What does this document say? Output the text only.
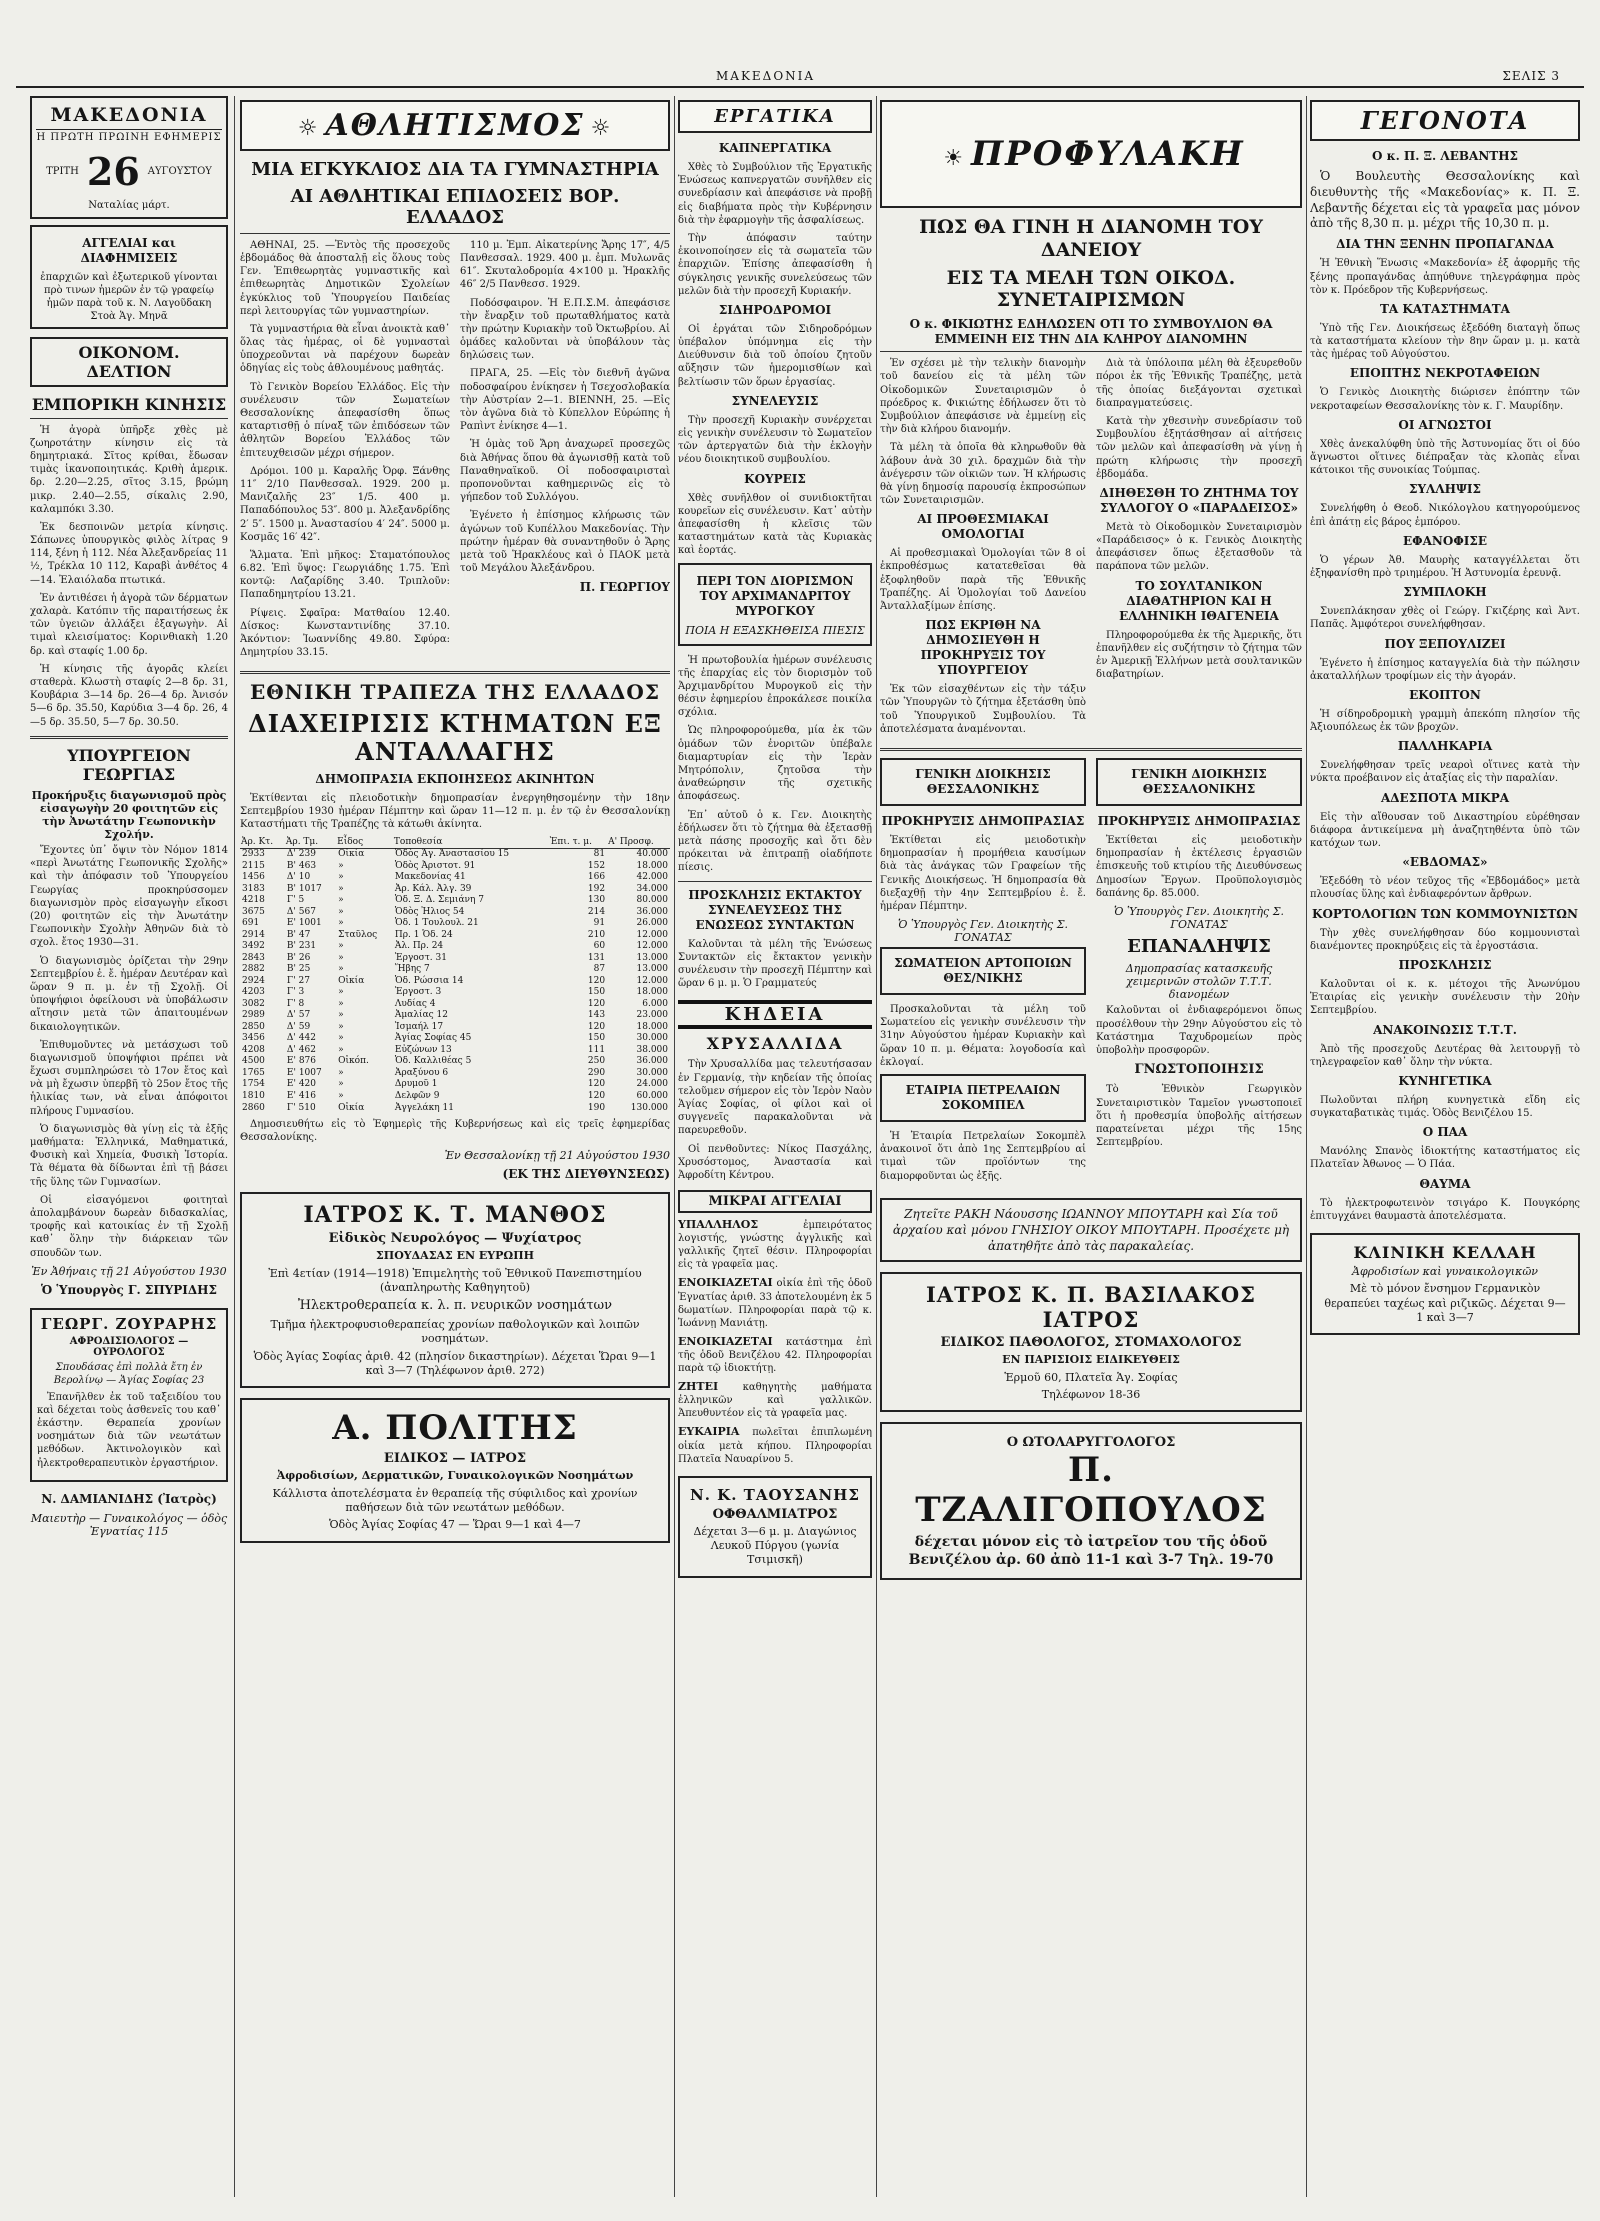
ΜΑΚΕΔΟΝΙΑ	ΣΕΛΙΣ 3
ΜΑΚΕΔΟΝΙΑ
Η ΠΡΩΤΗ ΠΡΩΙΝΗ ΕΦΗΜΕΡΙΣ
ΤΡΙΤΗ 26 ΑΥΓΟΥΣΤΟΥ
Ναταλίας μάρτ.
ΑΓΓΕΛΙΑΙ και ΔΙΑΦΗΜΙΣΕΙΣ
ἐπαρχιῶν καὶ ἐξωτερικοῦ γίνονται πρὸ τινων ἡμερῶν ἐν τῷ γραφείῳ ἡμῶν παρὰ τοῦ κ. Ν. Λαγοῦδακη Στοὰ Ἁγ. Μηνᾶ
ΟΙΚΟΝΟΜ. ΔΕΛΤΙΟΝ
ΕΜΠΟΡΙΚΗ ΚΙΝΗΣΙΣ

Ἡ ἀγορὰ ὑπῆρξε χθὲς μὲ ζωηροτάτην κίνησιν εἰς τὰ δημητριακά. Σῖτος κρίθαι, ἔδωσαν τιμὰς ἱκανοποιητικάς. Κριθὴ ἀμερικ. δρ. 2.20—2.25, σῖτος 3.15, βρώμη μικρ. 2.40—2.55, σίκαλις 2.90, καλαμπόκι 3.30.

Ἐκ δεσποινῶν μετρία κίνησις. Σάπωνες ὑπουργικὸς φιλὸς λίτρας 9 114, ξένη ἡ 112. Νέα Ἁλεξανδρείας 11 ½, Τρέκλα 10 112, Καραβὶ ἀνθέτος 4—14. Ἐλαιόλαδα πτωτικά.

Ἐν ἀντιθέσει ἡ ἀγορὰ τῶν δέρματων χαλαρὰ. Κατόπιν τῆς παραιτήσεως ἐκ τῶν ὑγειῶν ἀλλάξει ἐξαγωγὴν. Αἱ τιμαὶ κλεισίματος: Κορινθιακὴ 1.20 δρ. καὶ σταφίς 1.00 δρ.

Ἡ κίνησις τῆς ἀγορᾶς κλείει σταθερὰ. Κλωστὴ σταφίς 2—8 δρ. 31, Κουβάρια 3—14 δρ. 26—4 δρ. Ἀνισόν 5—6 δρ. 35.50, Καρύδια 3—4 δρ. 26, 4—5 δρ. 35.50, 5—7 δρ. 30.50.

ΥΠΟΥΡΓΕΙΟΝ ΓΕΩΡΓΙΑΣ
Προκήρυξις διαγωνισμοῦ πρὸς εἰσαγωγὴν 20 φοιτητῶν εἰς τὴν Ἀνωτάτην Γεωπονικὴν Σχολήν.

Ἔχοντες ὑπ᾽ ὄψιν τὸν Νόμον 1814 «περὶ Ἀνωτάτης Γεωπονικῆς Σχολῆς» καὶ τὴν ἀπόφασιν τοῦ Ὑπουργείου Γεωργίας προκηρύσσομεν διαγωνισμὸν πρὸς εἰσαγωγὴν εἴκοσι (20) φοιτητῶν εἰς τὴν Ἀνωτάτην Γεωπονικὴν Σχολὴν Ἀθηνῶν διὰ τὸ σχολ. ἔτος 1930—31.

Ὁ διαγωνισμὸς ὁρίζεται τὴν 29ην Σεπτεμβρίου ἐ. ἔ. ἡμέραν Δευτέραν καὶ ὥραν 9 π. μ. ἐν τῇ Σχολῇ. Οἱ ὑποψήφιοι ὀφείλουσι νὰ ὑποβάλωσιν αἴτησιν μετὰ τῶν ἀπαιτουμένων δικαιολογητικῶν.

Ἐπιθυμοῦντες νὰ μετάσχωσι τοῦ διαγωνισμοῦ ὑποψήφιοι πρέπει νὰ ἔχωσι συμπληρώσει τὸ 17ον ἔτος καὶ νὰ μὴ ἔχωσιν ὑπερβῆ τὸ 25ον ἔτος τῆς ἡλικίας των, νὰ εἶναι ἀπόφοιτοι πλήρους Γυμνασίου.

Ὁ διαγωνισμὸς θὰ γίνῃ εἰς τὰ ἑξῆς μαθήματα: Ἑλληνικά, Μαθηματικά, Φυσικὴ καὶ Χημεία, Φυσικὴ Ἱστορία. Τὰ θέματα θὰ δίδωνται ἐπὶ τῇ βάσει τῆς ὕλης τῶν Γυμνασίων.

Οἱ εἰσαγόμενοι φοιτηταὶ ἀπολαμβάνουν δωρεὰν διδασκαλίας, τροφῆς καὶ κατοικίας ἐν τῇ Σχολῇ καθ᾽ ὅλην τὴν διάρκειαν τῶν σπουδῶν των.

Ἐν Ἀθήναις τῇ 21 Αὐγούστου 1930
Ὁ Ὑπουργὸς Γ. ΣΠΥΡΙΔΗΣ
ΓΕΩΡΓ. ΖΟΥΡΑΡΗΣ
ΑΦΡΟΔΙΣΙΟΛΟΓΟΣ — ΟΥΡΟΛΟΓΟΣ
Σπουδάσας ἐπὶ πολλὰ ἔτη ἐν Βερολίνῳ — Ἁγίας Σοφίας 23

Ἐπανῆλθεν ἐκ τοῦ ταξειδίου του καὶ δέχεται τοὺς ἀσθενεῖς του καθ᾽ ἑκάστην. Θεραπεία χρονίων νοσημάτων διὰ τῶν νεωτάτων μεθόδων. Ἀκτινολογικὸν καὶ ἠλεκτροθεραπευτικὸν ἐργαστήριον.

Ν. ΔΑΜΙΑΝΙΔΗΣ (Ἰατρὸς)
Μαιευτὴρ — Γυναικολόγος — ὁδὸς Ἐγνατίας 115
☼ ΑΘΛΗΤΙΣΜΟΣ ☼
ΜΙΑ ΕΓΚΥΚΛΙΟΣ ΔΙΑ ΤΑ ΓΥΜΝΑΣΤΗΡΙΑ
ΑΙ ΑΘΛΗΤΙΚΑΙ ΕΠΙΔΟΣΕΙΣ ΒΟΡ. ΕΛΛΑΔΟΣ

ΑΘΗΝΑΙ, 25. —Ἐντὸς τῆς προσεχοῦς ἑβδομάδος θὰ ἀποσταλῇ εἰς ὅλους τοὺς Γεν. Ἐπιθεωρητὰς γυμναστικῆς καὶ ἐπιθεωρητὰς Δημοτικῶν Σχολείων ἐγκύκλιος τοῦ Ὑπουργείου Παιδείας περὶ λειτουργίας τῶν γυμναστηρίων.

Τὰ γυμναστήρια θὰ εἶναι ἀνοικτὰ καθ᾽ ὅλας τὰς ἡμέρας, οἱ δὲ γυμνασταὶ ὑποχρεοῦνται νὰ παρέχουν δωρεὰν ὁδηγίας εἰς τοὺς ἀθλουμένους μαθητάς.

Τὸ Γενικὸν Βορείου Ἑλλάδος. Εἰς τὴν συνέλευσιν τῶν Σωματείων Θεσσαλονίκης ἀπεφασίσθη ὅπως καταρτισθῇ ὁ πίναξ τῶν ἐπιδόσεων τῶν ἀθλητῶν Βορείου Ἑλλάδος τῶν ἐπιτευχθεισῶν μέχρι σήμερον.

Δρόμοι. 100 μ. Καραλῆς Ὀρφ. Ξάνθης 11″ 2/10 Πανθεσσαλ. 1929. 200 μ. Μανιζαλῆς 23″ 1/5. 400 μ. Παπαδόπουλος 53″. 800 μ. Ἀλεξανδρίδης 2′ 5″. 1500 μ. Ἀναστασίου 4′ 24″. 5000 μ. Κοσμᾶς 16′ 42″.

Ἅλματα. Ἐπὶ μῆκος: Σταματόπουλος 6.82. Ἐπὶ ὕψος: Γεωργιάδης 1.75. Ἐπὶ κοντῷ: Λαζαρίδης 3.40. Τριπλοῦν: Παπαδημητρίου 13.21.

Ρίψεις. Σφαῖρα: Ματθαίου 12.40. Δίσκος: Κωνσταντινίδης 37.10. Ἀκόντιον: Ἰωαννίδης 49.80. Σφύρα: Δημητρίου 33.15.

110 μ. Ἐμπ. Αἰκατερίνης Ἄρης 17″, 4/5 Πανθεσσαλ. 1929. 400 μ. ἐμπ. Μυλωνᾶς 61″. Σκυταλοδρομία 4×100 μ. Ἡρακλῆς 46″ 2/5 Πανθεσσ. 1929.

Ποδόσφαιρον. Ἡ Ε.Π.Σ.Μ. ἀπεφάσισε τὴν ἔναρξιν τοῦ πρωταθλήματος κατὰ τὴν πρώτην Κυριακὴν τοῦ Ὀκτωβρίου. Αἱ ὁμάδες καλοῦνται νὰ ὑποβάλουν τὰς δηλώσεις των.

ΠΡΑΓΑ, 25. —Εἰς τὸν διεθνῆ ἀγῶνα ποδοσφαίρου ἐνίκησεν ἡ Τσεχοσλοβακία τὴν Αὐστρίαν 2—1. ΒΙΕΝΝΗ, 25. —Εἰς τὸν ἀγῶνα διὰ τὸ Κύπελλον Εὐρώπης ἡ Ραπὶντ ἐνίκησε 4—1.

Ἡ ὁμὰς τοῦ Ἄρη ἀναχωρεῖ προσεχῶς διὰ Ἀθήνας ὅπου θὰ ἀγωνισθῇ κατὰ τοῦ Παναθηναϊκοῦ. Οἱ ποδοσφαιρισταὶ προπονοῦνται καθημερινῶς εἰς τὸ γήπεδον τοῦ Συλλόγου.

Ἐγένετο ἡ ἐπίσημος κλήρωσις τῶν ἀγώνων τοῦ Κυπέλλου Μακεδονίας. Τὴν πρώτην ἡμέραν θὰ συναντηθοῦν ὁ Ἄρης μετὰ τοῦ Ἡρακλέους καὶ ὁ ΠΑΟΚ μετὰ τοῦ Μεγάλου Ἀλεξάνδρου.

Π. ΓΕΩΡΓΙΟΥ
ΕΘΝΙΚΗ ΤΡΑΠΕΖΑ ΤΗΣ ΕΛΛΑΔΟΣ
ΔΙΑΧΕΙΡΙΣΙΣ ΚΤΗΜΑΤΩΝ ΕΞ ΑΝΤΑΛΛΑΓΗΣ
ΔΗΜΟΠΡΑΣΙΑ ΕΚΠΟΙΗΣΕΩΣ ΑΚΙΝΗΤΩΝ

Ἐκτίθενται εἰς πλειοδοτικὴν δημοπρασίαν ἐνεργηθησομένην τὴν 18ην Σεπτεμβρίου 1930 ἡμέραν Πέμπτην καὶ ὥραν 11—12 π. μ. ἐν τῷ ἐν Θεσσαλονίκῃ Καταστήματι τῆς Τραπέζης τὰ κάτωθι ἀκίνητα.

Ἀρ. Κτ.	Ἀρ. Τμ.	Εἶδος	Τοποθεσία	Ἐπι. τ. μ.	Α' Προσφ.
2933	Δ' 239	Οἰκία	Ὁδὸς Ἁγ. Ἀναστασίου 15	81	40.000
2115	Β' 463	»	Ὁδὸς Ἀριστοτ. 91	152	18.000
1456	Δ' 10	»	Μακεδονίας 41	166	42.000
3183	Β' 1017	»	Ἀρ. Κάλ. Ἀλγ. 39	192	34.000
4218	Γ' 5	»	Ὁδ. Ξ. Δ. Σεμιάνη 7	130	80.000
3675	Δ' 567	»	Ὁδὸς Ἠλιος 54	214	36.000
691	Ε' 1001	»	Ὁδ. 1 Τουλουλ. 21	91	26.000
2914	Β' 47	Σταῦλος	Πρ. 1 Ὁδ. 24	210	12.000
3492	Β' 231	»	Ἀλ. Πρ. 24	60	12.000
2843	Β' 26	»	Ἐργοστ. 31	131	13.000
2882	Β' 25	»	Ἥβης 7	87	13.000
2924	Γ' 27	Οἰκία	Ὁδ. Ρώσσια 14	120	12.000
4203	Γ' 3	»	Ἐργοστ. 3	150	18.000
3082	Γ' 8	»	Λυδίας 4	120	6.000
2989	Δ' 57	»	Ἀμαλίας 12	143	23.000
2850	Δ' 59	»	Ἰσμαήλ 17	120	18.000
3456	Δ' 442	»	Ἀγίας Σοφίας 45	150	30.000
4208	Δ' 462	»	Εὐζώνων 13	111	38.000
4500	Ε' 876	Οἰκόπ.	Ὁδ. Καλλιθέας 5	250	36.000
1765	Ε' 1007	»	Ἀραξύνου 6	290	30.000
1754	Ε' 420	»	Δρυμοῦ 1	120	24.000
1810	Ε' 416	»	Δελφῶν 9	120	60.000
2860	Γ' 510	Οἰκία	Ἀγγελάκη 11	190	130.000

Δημοσιευθήτω εἰς τὸ Ἐφημερὶς τῆς Κυβερνήσεως καὶ εἰς τρεῖς ἐφημερίδας Θεσσαλονίκης.

Ἐν Θεσσαλονίκῃ τῇ 21 Αὐγούστου 1930
(ΕΚ ΤΗΣ ΔΙΕΥΘΥΝΣΕΩΣ)
ΙΑΤΡΟΣ Κ. Τ. ΜΑΝΘΟΣ
Εἰδικὸς Νευρολόγος — Ψυχίατρος
ΣΠΟΥΔΑΣΑΣ ΕΝ ΕΥΡΩΠΗ
Ἐπὶ 4ετίαν (1914—1918) Ἐπιμελητὴς τοῦ Ἐθνικοῦ Πανεπιστημίου (ἀναπληρωτὴς Καθηγητοῦ)
Ἠλεκτροθεραπεία κ. λ. π. νευρικῶν νοσημάτων
Τμῆμα ἠλεκτροφυσιοθεραπείας χρονίων παθολογικῶν καὶ λοιπῶν νοσημάτων.
Ὁδὸς Ἁγίας Σοφίας ἀριθ. 42 (πλησίον δικαστηρίων). Δέχεται Ὥραι 9—1 καὶ 3—7 (Τηλέφωνον ἀριθ. 272)
Α. ΠΟΛΙΤΗΣ
ΕΙΔΙΚΟΣ — ΙΑΤΡΟΣ
Ἀφροδισίων, Δερματικῶν, Γυναικολογικῶν Νοσημάτων
Κάλλιστα ἀποτελέσματα ἐν θεραπείᾳ τῆς σύφιλιδος καὶ χρονίων παθήσεων διὰ τῶν νεωτάτων μεθόδων.
Ὁδὸς Ἁγίας Σοφίας 47 — Ὥραι 9—1 καὶ 4—7
ΕΡΓΑΤΙΚΑ
ΚΑΠΝΕΡΓΑΤΙΚΑ

Χθὲς τὸ Συμβούλιον τῆς Ἐργατικῆς Ἑνώσεως καπνεργατῶν συνῆλθεν εἰς συνεδρίασιν καὶ ἀπεφάσισε νὰ προβῇ εἰς διαβήματα πρὸς τὴν Κυβέρνησιν διὰ τὴν ἐφαρμογὴν τῆς ἀσφαλίσεως.

Τὴν ἀπόφασιν ταύτην ἐκοινοποίησεν εἰς τὰ σωματεῖα τῶν ἐπαρχιῶν. Ἐπίσης ἀπεφασίσθη ἡ σύγκλησις γενικῆς συνελεύσεως τῶν μελῶν διὰ τὴν προσεχῆ Κυριακήν.

ΣΙΔΗΡΟΔΡΟΜΟΙ

Οἱ ἐργάται τῶν Σιδηροδρόμων ὑπέβαλον ὑπόμνημα εἰς τὴν Διεύθυνσιν διὰ τοῦ ὁποίου ζητοῦν αὔξησιν τῶν ἡμερομισθίων καὶ βελτίωσιν τῶν ὅρων ἐργασίας.

ΣΥΝΕΛΕΥΣΙΣ

Τὴν προσεχῆ Κυριακὴν συνέρχεται εἰς γενικὴν συνέλευσιν τὸ Σωματεῖον τῶν ἀρτεργατῶν διὰ τὴν ἐκλογὴν νέου διοικητικοῦ συμβουλίου.

ΚΟΥΡΕΙΣ

Χθὲς συνῆλθον οἱ συνιδιοκτῆται κουρεῖων εἰς συνέλευσιν. Κατ᾽ αὐτὴν ἀπεφασίσθη ἡ κλεῖσις τῶν καταστημάτων κατὰ τὰς Κυριακὰς καὶ ἑορτάς.

ΠΕΡΙ ΤΟΝ ΔΙΟΡΙΣΜΟΝ ΤΟΥ ΑΡΧΙΜΑΝΔΡΙΤΟΥ ΜΥΡΟΓΚΟΥ
ΠΟΙΑ Η ΕΞΑΣΚΗΘΕΙΣΑ ΠΙΕΣΙΣ

Ἡ πρωτοβουλία ἡμέρων συνέλευσις τῆς ἐπαρχίας εἰς τὸν διορισμὸν τοῦ Ἀρχιμανδρίτου Μυρογκοῦ εἰς τὴν θέσιν ἐφημερίου ἐπροκάλεσε ποικίλα σχόλια.

Ὡς πληροφορούμεθα, μία ἐκ τῶν ὁμάδων τῶν ἐνοριτῶν ὑπέβαλε διαμαρτυρίαν εἰς τὴν Ἱερὰν Μητρόπολιν, ζητοῦσα τὴν ἀναθεώρησιν τῆς σχετικῆς ἀποφάσεως.

Ἐπ᾽ αὐτοῦ ὁ κ. Γεν. Διοικητὴς ἐδήλωσεν ὅτι τὸ ζήτημα θὰ ἐξετασθῇ μετὰ πάσης προσοχῆς καὶ ὅτι δὲν πρόκειται νὰ ἐπιτραπῇ οἱαδήποτε πίεσις.

ΠΡΟΣΚΛΗΣΙΣ ΕΚΤΑΚΤΟΥ ΣΥΝΕΛΕΥΣΕΩΣ ΤΗΣ ΕΝΩΣΕΩΣ ΣΥΝΤΑΚΤΩΝ

Καλοῦνται τὰ μέλη τῆς Ἑνώσεως Συντακτῶν εἰς ἔκτακτον γενικὴν συνέλευσιν τὴν προσεχῆ Πέμπτην καὶ ὥραν 6 μ. μ. Ὁ Γραμματεύς

ΚΗΔΕΙΑ
ΧΡΥΣΑΛΛΙΔΑ

Τὴν Χρυσαλλίδα μας τελευτήσασαν ἐν Γερμανίᾳ, τὴν κηδείαν τῆς ὁποίας τελοῦμεν σήμερον εἰς τὸν Ἱερὸν Ναὸν Ἁγίας Σοφίας, οἱ φίλοι καὶ οἱ συγγενεῖς παρακαλοῦνται νὰ παρευρεθοῦν.

Οἱ πενθοῦντες: Νίκος Πασχάλης, Χρυσόστομος, Ἀναστασία καὶ Ἀφροδίτη Κέντρου.

ΜΙΚΡΑΙ ΑΓΓΕΛΙΑΙ
ΥΠΑΛΛΗΛΟΣ	ἐμπειρότατος λογιστής, γνώστης ἀγγλικῆς καὶ γαλλικῆς ζητεῖ θέσιν. Πληροφορίαι εἰς τὰ γραφεῖα μας.
ΕΝΟΙΚΙΑΖΕΤΑΙ οἰκία ἐπὶ τῆς ὁδοῦ Ἐγνατίας ἀριθ. 33 ἀποτελουμένη ἐκ 5 δωματίων. Πληροφορίαι παρὰ τῷ κ. Ἰωάννῃ Μανιάτῃ.
ΕΝΟΙΚΙΑΖΕΤΑΙ κατάστημα ἐπὶ τῆς ὁδοῦ Βενιζέλου 42. Πληροφορίαι παρὰ τῷ ἰδιοκτήτῃ.
ΖΗΤΕΙ καθηγητὴς μαθήματα ἑλληνικῶν καὶ γαλλικῶν. Ἀπευθυντέον εἰς τὰ γραφεῖα μας.
ΕΥΚΑΙΡΙΑ πωλεῖται ἐπιπλωμένη οἰκία μετὰ κήπου. Πληροφορίαι Πλατεῖα Ναυαρίνου 5.
Ν. Κ. ΤΑΟΥΣΑΝΗΣ
ΟΦΘΑΛΜΙΑΤΡΟΣ
Δέχεται 3—6 μ. μ. Διαγώνιος Λευκοῦ Πύργου (γωνία Τσιμισκῆ)
☀ ΠΡΟΦΥΛΑΚΗ
ΠΩΣ ΘΑ ΓΙΝΗ Η ΔΙΑΝΟΜΗ ΤΟΥ ΔΑΝΕΙΟΥ
ΕΙΣ ΤΑ ΜΕΛΗ ΤΩΝ ΟΙΚΟΔ. ΣΥΝΕΤΑΙΡΙΣΜΩΝ
Ο κ. ΦΙΚΙΩΤΗΣ ΕΔΗΛΩΣΕΝ ΟΤΙ ΤΟ ΣΥΜΒΟΥΛΙΟΝ ΘΑ ΕΜΜΕΙΝΗ ΕΙΣ ΤΗΝ ΔΙΑ ΚΛΗΡΟΥ ΔΙΑΝΟΜΗΝ

Ἐν σχέσει μὲ τὴν τελικὴν διανομὴν τοῦ δανείου εἰς τὰ μέλη τῶν Οἰκοδομικῶν Συνεταιρισμῶν ὁ πρόεδρος κ. Φικιώτης ἐδήλωσεν ὅτι τὸ Συμβούλιον ἀπεφάσισε νὰ ἐμμείνῃ εἰς τὴν διὰ κλήρου διανομήν.

Τὰ μέλη τὰ ὁποῖα θὰ κληρωθοῦν θὰ λάβουν ἀνὰ 30 χιλ. δραχμῶν διὰ τὴν ἀνέγερσιν τῶν οἰκιῶν των. Ἡ κλήρωσις θὰ γίνῃ δημοσίᾳ παρουσίᾳ ἐκπροσώπων τῶν Συνεταιρισμῶν.

ΑΙ ΠΡΟΘΕΣΜΙΑΚΑΙ ΟΜΟΛΟΓΙΑΙ

Αἱ προθεσμιακαὶ Ὁμολογίαι τῶν 8 οἱ ἐκπροθέσμως κατατεθεῖσαι θὰ ἐξοφληθοῦν παρὰ τῆς Ἐθνικῆς Τραπέζης. Αἱ Ὁμολογίαι τοῦ Δανείου Ἀνταλλαξίμων ἐπίσης.

ΠΩΣ ΕΚΡΙΘΗ ΝΑ ΔΗΜΟΣΙΕΥΘΗ Η ΠΡΟΚΗΡΥΞΙΣ ΤΟΥ ΥΠΟΥΡΓΕΙΟΥ

Ἐκ τῶν εἰσαχθέντων εἰς τὴν τάξιν τῶν Ὑπουργῶν τὸ ζήτημα ἐξετάσθη ὑπὸ τοῦ Ὑπουργικοῦ Συμβουλίου. Τὰ ἀποτελέσματα ἀναμένονται.

Διὰ τὰ ὑπόλοιπα μέλη θὰ ἐξευρεθοῦν πόροι ἐκ τῆς Ἐθνικῆς Τραπέζης, μετὰ τῆς ὁποίας διεξάγονται σχετικαὶ διαπραγματεύσεις.

Κατὰ τὴν χθεσινὴν συνεδρίασιν τοῦ Συμβουλίου ἐξητάσθησαν αἱ αἰτήσεις τῶν μελῶν καὶ ἀπεφασίσθη νὰ γίνῃ ἡ πρώτη κλήρωσις τὴν προσεχῆ ἑβδομάδα.

ΔΙΗΘΕΣΘΗ ΤΟ ΖΗΤΗΜΑ ΤΟΥ ΣΥΛΛΟΓΟΥ Ο «ΠΑΡΑΔΕΙΣΟΣ»

Μετὰ τὸ Οἰκοδομικὸν Συνεταιρισμὸν «Παράδεισος» ὁ κ. Γενικὸς Διοικητὴς ἀπεφάσισεν ὅπως ἐξετασθοῦν τὰ παράπονα τῶν μελῶν.

ΤΟ ΣΟΥΛΤΑΝΙΚΟΝ ΔΙΑΘΑΤΗΡΙΟΝ ΚΑΙ Η ΕΛΛΗΝΙΚΗ ΙΘΑΓΕΝΕΙΑ

Πληροφορούμεθα ἐκ τῆς Ἀμερικῆς, ὅτι ἐπανῆλθεν εἰς συζήτησιν τὸ ζήτημα τῶν ἐν Ἀμερικῇ Ἑλλήνων μετὰ σουλτανικῶν διαβατηρίων.

ΓΕΝΙΚΗ ΔΙΟΙΚΗΣΙΣ ΘΕΣΣΑΛΟΝΙΚΗΣ
ΠΡΟΚΗΡΥΞΙΣ ΔΗΜΟΠΡΑΣΙΑΣ

Ἐκτίθεται εἰς μειοδοτικὴν δημοπρασίαν ἡ προμήθεια καυσίμων διὰ τὰς ἀνάγκας τῶν Γραφείων τῆς Γενικῆς Διοικήσεως. Ἡ δημοπρασία θὰ διεξαχθῇ τὴν 4ην Σεπτεμβρίου ἐ. ἔ. ἡμέραν Πέμπτην.

Ὁ Ὑπουργὸς Γεν. Διοικητὴς Σ. ΓΟΝΑΤΑΣ
ΣΩΜΑΤΕΙΟΝ ΑΡΤΟΠΟΙΩΝ ΘΕΣ/ΝΙΚΗΣ

Προσκαλοῦνται τὰ μέλη τοῦ Σωματείου εἰς γενικὴν συνέλευσιν τὴν 31ην Αὐγούστου ἡμέραν Κυριακὴν καὶ ὥραν 10 π. μ. Θέματα: λογοδοσία καὶ ἐκλογαί.

ΕΤΑΙΡΙΑ ΠΕΤΡΕΛΑΙΩΝ ΣΟΚΟΜΠΕΛ

Ἡ Ἑταιρία Πετρελαίων Σοκομπὲλ ἀνακοινοῖ ὅτι ἀπὸ 1ης Σεπτεμβρίου αἱ τιμαὶ τῶν προϊόντων της διαμορφοῦνται ὡς ἑξῆς.

ΓΕΝΙΚΗ ΔΙΟΙΚΗΣΙΣ ΘΕΣΣΑΛΟΝΙΚΗΣ
ΠΡΟΚΗΡΥΞΙΣ ΔΗΜΟΠΡΑΣΙΑΣ

Ἐκτίθεται εἰς μειοδοτικὴν δημοπρασίαν ἡ ἐκτέλεσις ἐργασιῶν ἐπισκευῆς τοῦ κτιρίου τῆς Διευθύνσεως Δημοσίων Ἔργων. Προϋπολογισμὸς δαπάνης δρ. 85.000.

Ὁ Ὑπουργὸς Γεν. Διοικητὴς Σ. ΓΟΝΑΤΑΣ
ΕΠΑΝΑΛΗΨΙΣ
Δημοπρασίας κατασκευῆς χειμερινῶν στολῶν Τ.Τ.Τ. διανομέων

Καλοῦνται οἱ ἐνδιαφερόμενοι ὅπως προσέλθουν τὴν 29ην Αὐγούστου εἰς τὸ Κατάστημα Ταχυδρομείων πρὸς ὑποβολὴν προσφορῶν.

ΓΝΩΣΤΟΠΟΙΗΣΙΣ

Τὸ Ἐθνικὸν Γεωργικὸν Συνεταιριστικὸν Ταμεῖον γνωστοποιεῖ ὅτι ἡ προθεσμία ὑποβολῆς αἰτήσεων παρατείνεται μέχρι τῆς 15ης Σεπτεμβρίου.

Ζητεῖτε ΡΑΚΗ Νάουσσης ΙΩΑΝΝΟΥ ΜΠΟΥΤΑΡΗ καὶ Σία τοῦ ἀρχαίου καὶ μόνου ΓΝΗΣΙΟΥ ΟΙΚΟΥ ΜΠΟΥΤΑΡΗ. Προσέχετε μὴ ἀπατηθῆτε ἀπὸ τὰς παρακαλείας.
ΙΑΤΡΟΣ Κ. Π. ΒΑΣΙΛΑΚΟΣ ΙΑΤΡΟΣ
ΕΙΔΙΚΟΣ ΠΑΘΟΛΟΓΟΣ, ΣΤΟΜΑΧΟΛΟΓΟΣ
ΕΝ ΠΑΡΙΣΙΟΙΣ ΕΙΔΙΚΕΥΘΕΙΣ
Ἑρμοῦ 60, Πλατεῖα Ἁγ. Σοφίας
Τηλέφωνον 18-36
Ο ΩΤΟΛΑΡΥΓΓΟΛΟΓΟΣ
Π. ΤΖΑΛΙΓΟΠΟΥΛΟΣ
δέχεται μόνον εἰς τὸ ἰατρεῖον του τῆς ὁδοῦ Βενιζέλου ἀρ. 60 ἀπὸ 11-1 καὶ 3-7 Τηλ. 19-70
ΓΕΓΟΝΟΤΑ
Ο κ. Π. Ξ. ΛΕΒΑΝΤΗΣ

Ὁ Βουλευτὴς Θεσσαλονίκης καὶ διευθυντὴς τῆς «Μακεδονίας» κ. Π. Ξ. Λεβαντῆς δέχεται εἰς τὰ γραφεῖα μας μόνον ἀπὸ τῆς 8,30 π. μ. μέχρι τῆς 10,30 π. μ.

ΔΙΑ ΤΗΝ ΞΕΝΗΝ ΠΡΟΠΑΓΑΝΔΑ

Ἡ Ἐθνικὴ Ἕνωσις «Μακεδονία» ἐξ ἀφορμῆς τῆς ξένης προπαγάνδας ἀπηύθυνε τηλεγράφημα πρὸς τὸν κ. Πρόεδρον τῆς Κυβερνήσεως.

ΤΑ ΚΑΤΑΣΤΗΜΑΤΑ

Ὑπὸ τῆς Γεν. Διοικήσεως ἐξεδόθη διαταγὴ ὅπως τὰ καταστήματα κλείουν τὴν 8ην ὥραν μ. μ. κατὰ τὰς ἡμέρας τοῦ Αὐγούστου.

ΕΠΟΠΤΗΣ ΝΕΚΡΟΤΑΦΕΙΩΝ

Ὁ Γενικὸς Διοικητὴς διώρισεν ἐπόπτην τῶν νεκροταφείων Θεσσαλονίκης τὸν κ. Γ. Μαυρίδην.

ΟΙ ΑΓΝΩΣΤΟΙ

Χθὲς ἀνεκαλύφθη ὑπὸ τῆς Ἀστυνομίας ὅτι οἱ δύο ἄγνωστοι οἵτινες διέπραξαν τὰς κλοπὰς εἶναι κάτοικοι τῆς συνοικίας Τούμπας.

ΣΥΛΛΗΨΙΣ

Συνελήφθη ὁ Θεοδ. Νικόλογλου κατηγορούμενος ἐπὶ ἀπάτῃ εἰς βάρος ἐμπόρου.

ΕΦΑΝΟΦΙΣΕ

Ὁ γέρων Ἀθ. Μαυρὴς καταγγέλλεται ὅτι ἐξηφανίσθη πρὸ τριημέρου. Ἡ Ἀστυνομία ἐρευνᾷ.

ΣΥΜΠΛΟΚΗ

Συνεπλάκησαν χθὲς οἱ Γεώργ. Γκιζέρης καὶ Ἀντ. Παπᾶς. Ἀμφότεροι συνελήφθησαν.

ΠΟΥ ΞΕΠΟΥΛΙΖΕΙ

Ἐγένετο ἡ ἐπίσημος καταγγελία διὰ τὴν πώλησιν ἀκαταλλήλων τροφίμων εἰς τὴν ἀγοράν.

ΕΚΟΠΤΟΝ

Ἡ σίδηροδρομικὴ γραμμὴ ἀπεκόπη πλησίον τῆς Ἀξιουπόλεως ἐκ τῶν βροχῶν.

ΠΑΛΛΗΚΑΡΙΑ

Συνελήφθησαν τρεῖς νεαροὶ οἵτινες κατὰ τὴν νύκτα προέβαινον εἰς ἀταξίας εἰς τὴν παραλίαν.

ΑΔΕΣΠΟΤΑ ΜΙΚΡΑ

Εἰς τὴν αἴθουσαν τοῦ Δικαστηρίου εὑρέθησαν διάφορα ἀντικείμενα μὴ ἀναζητηθέντα ὑπὸ τῶν κατόχων των.

«ΕΒΔΟΜΑΣ»

Ἐξεδόθη τὸ νέον τεῦχος τῆς «Ἑβδομάδος» μετὰ πλουσίας ὕλης καὶ ἐνδιαφερόντων ἄρθρων.

ΚΟΡΤΟΛΟΓΙΩΝ ΤΩΝ ΚΟΜΜΟΥΝΙΣΤΩΝ

Τὴν χθὲς συνελήφθησαν δύο κομμουνισταὶ διανέμοντες προκηρύξεις εἰς τὰ ἐργοστάσια.

ΠΡΟΣΚΛΗΣΙΣ

Καλοῦνται οἱ κ. κ. μέτοχοι τῆς Ἀνωνύμου Ἑταιρίας εἰς γενικὴν συνέλευσιν τὴν 20ὴν Σεπτεμβρίου.

ΑΝΑΚΟΙΝΩΣΙΣ Τ.Τ.Τ.

Ἀπὸ τῆς προσεχοῦς Δευτέρας θὰ λειτουργῇ τὸ τηλεγραφεῖον καθ᾽ ὅλην τὴν νύκτα.

ΚΥΝΗΓΕΤΙΚΑ

Πωλοῦνται πλήρη κυνηγετικὰ εἴδη εἰς συγκαταβατικὰς τιμάς. Ὁδὸς Βενιζέλου 15.

Ο ΠΑΑ

Μανόλης Σπανὸς ἰδιοκτήτης καταστήματος εἰς Πλατεῖαν Ἀθωνος — Ὁ Πάα.

ΘΑΥΜΑ

Τὸ ἠλεκτροφωτεινὸν τσιγάρο Κ. Πουγκόρης ἐπιτυγχάνει θαυμαστὰ ἀποτελέσματα.

ΚΛΙΝΙΚΗ ΚΕΛΛΑΗ
Ἀφροδισίων καὶ γυναικολογικῶν
Μὲ τὸ μόνον ἔνσημον Γερμανικὸν θεραπεύει ταχέως καὶ ριζικῶς. Δέχεται 9—1 καὶ 3—7
